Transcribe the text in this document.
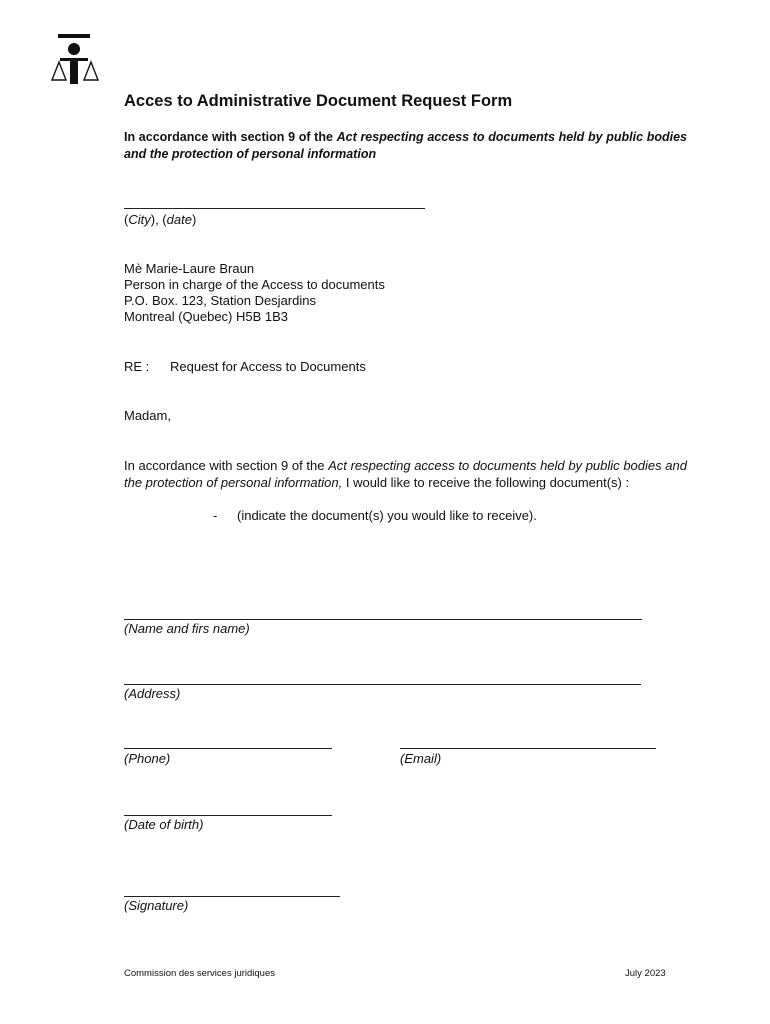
Acces to Administrative Document Request Form
In accordance with section 9 of the Act respecting access to documents held by public bodies and the protection of personal information
(City), (date)
Mè Marie-Laure Braun
Person in charge of the Access to documents
P.O. Box. 123, Station Desjardins
Montreal (Quebec) H5B 1B3
RE : Request for Access to Documents
Madam,
In accordance with section 9 of the Act respecting access to documents held by public bodies and the protection of personal information, I would like to receive the following document(s) :
- (indicate the document(s) you would like to receive).
(Name and firs name)
(Address)
(Phone)	(Email)
(Date of birth)
(Signature)
Commission des services juridiques	July 2023
